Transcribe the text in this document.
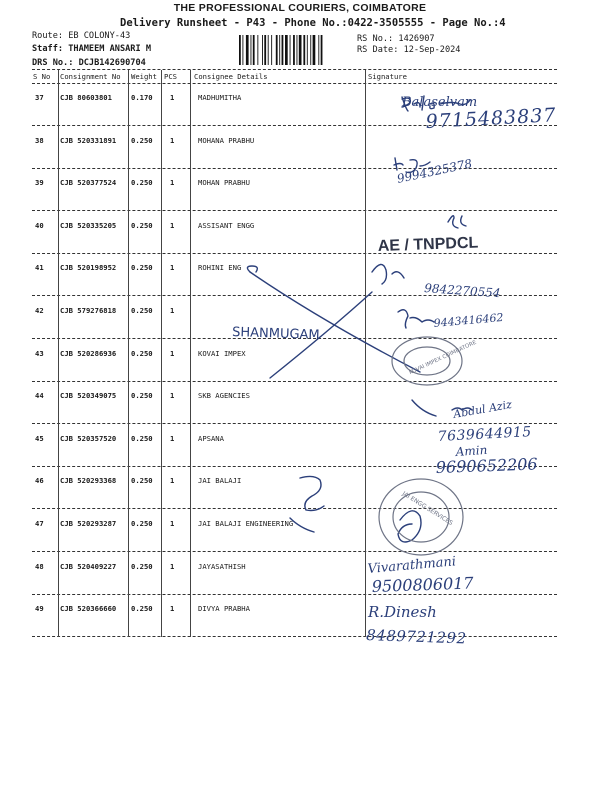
THE PROFESSIONAL COURIERS, COIMBATORE
Delivery Runsheet - P43 - Phone No.:0422-3505555 - Page No.:4
Route: EB COLONY-43
Staff: THAMEEM ANSARI M
DRS No.: DCJB142690704
RS No.: 1426907
RS Date: 12-Sep-2024
S No Consignment No Weight PCS Consignee Details	Signature
37 CJB 80603801	0.170 1	MADHUMITHA
38 CJB 520331891 0.250 1	MOHANA PRABHU
39 CJB 520377524 0.250 1	MOHAN PRABHU
40 CJB 520335205 0.250 1	ASSISANT ENGG
41 CJB 520198952 0.250 1	ROHINI ENG
42 CJB 579276818 0.250 1
43 CJB 520286936 0.250 1	KOVAI IMPEX
44 CJB 520349075 0.250 1	SKB AGENCIES
45 CJB 520357520 0.250 1	APSANA
46 CJB 520293368 0.250 1	JAI BALAJI
47 CJB 520293287 0.250 1	JAI BALAJI ENGINEERING
48 CJB 520409227 0.250 1	JAYASATHISH
49 CJB 520366660 0.250 1	DIVYA PRABHA
Balaselvam
9715483837
9994325378
AE / TNPDCL
9842270554
SHANMUGAM
9443416462
KOVAI IMPEX COIMBATORE
Abdul Aziz
7639644915
Amin
9690652206
JAI ENGG SERVICES
Vivarathmani
9500806017
R.Dinesh
8489721292
